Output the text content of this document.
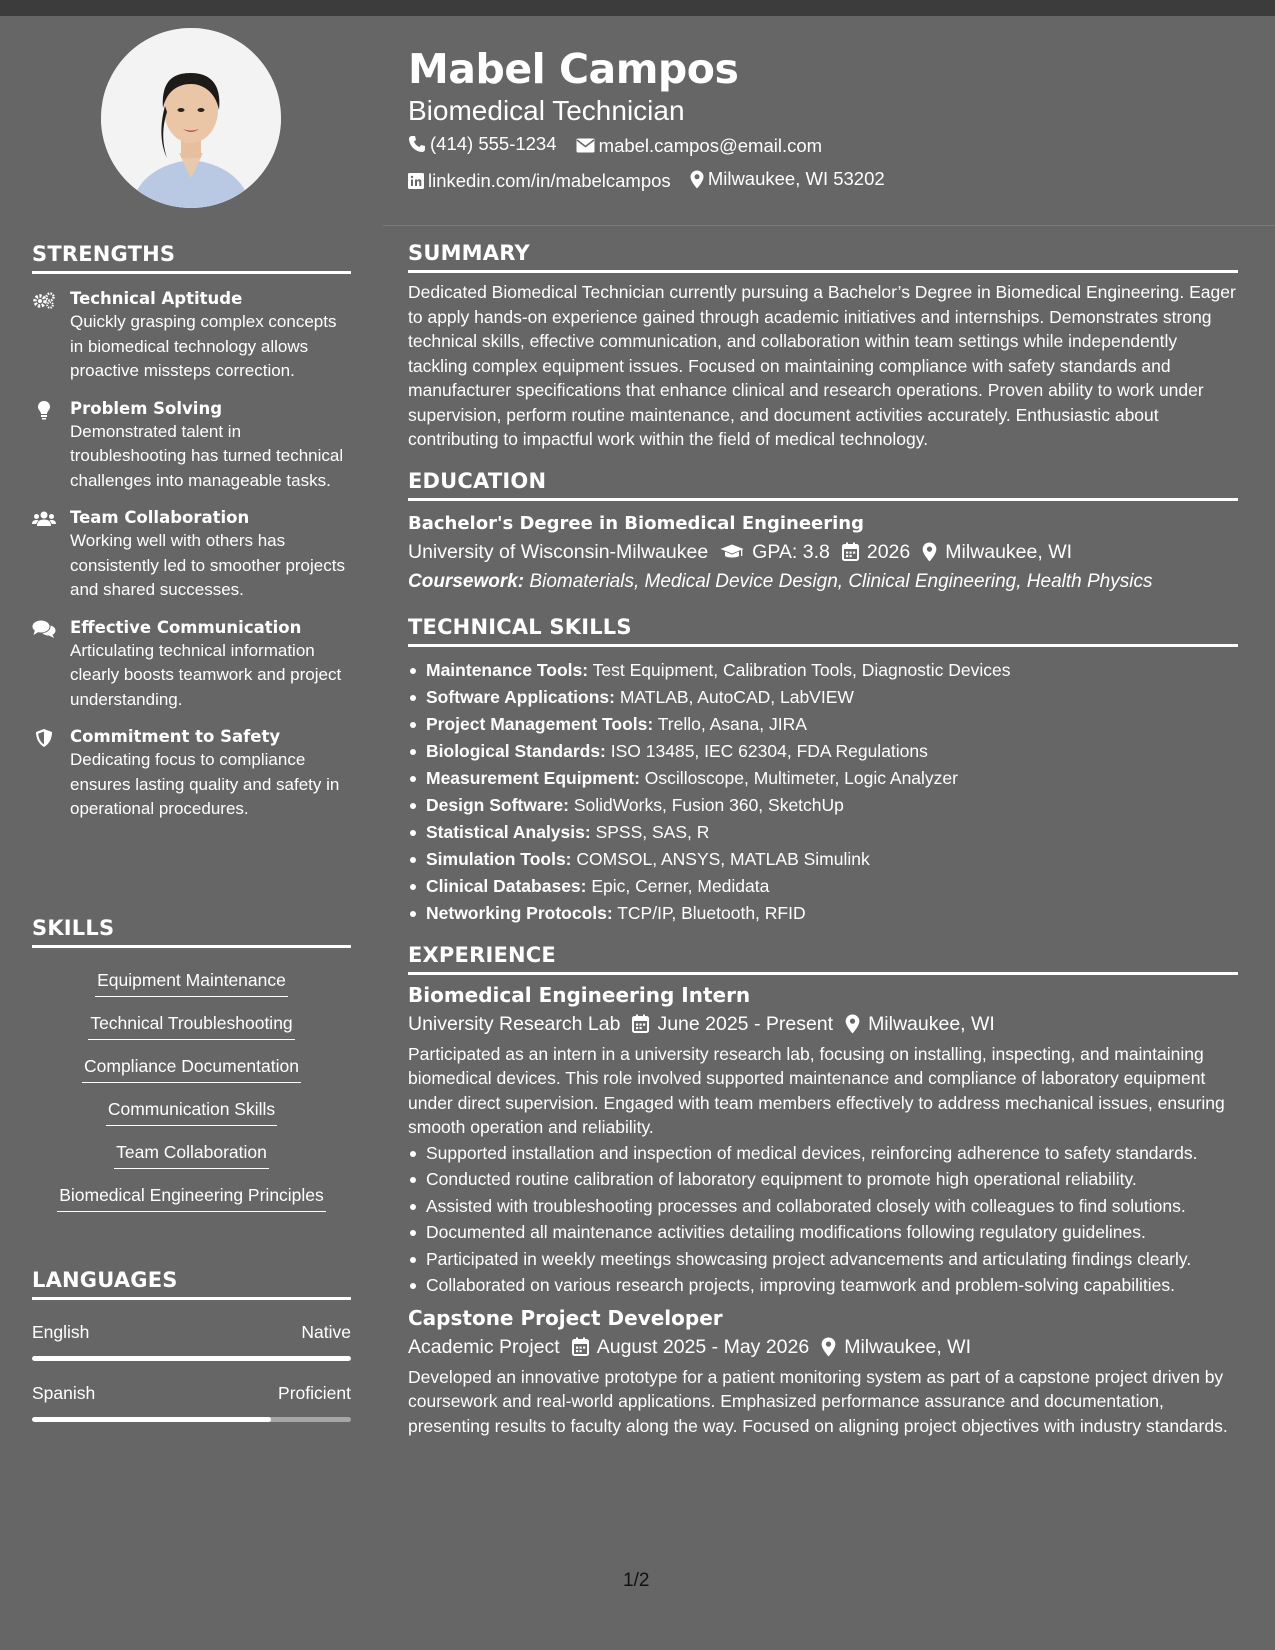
STRENGTHS
Technical Aptitude
Quickly grasping complex concepts in biomedical technology allows proactive missteps correction.
Problem Solving
Demonstrated talent in troubleshooting has turned technical challenges into manageable tasks.
Team Collaboration
Working well with others has consistently led to smoother projects and shared successes.
Effective Communication
Articulating technical information clearly boosts teamwork and project understanding.
Commitment to Safety
Dedicating focus to compliance ensures lasting quality and safety in operational procedures.
SKILLS
Equipment Maintenance
Technical Troubleshooting
Compliance Documentation
Communication Skills
Team Collaboration
Biomedical Engineering Principles
LANGUAGES
English	Native
Spanish	Proficient
Mabel Campos
Biomedical Technician
(414) 555-1234
mabel.campos@email.com
linkedin.com/in/mabelcampos
Milwaukee, WI 53202
SUMMARY
Dedicated Biomedical Technician currently pursuing a Bachelor’s Degree in Biomedical Engineering. Eager to apply hands-on experience gained through academic initiatives and internships. Demonstrates strong technical skills, effective communication, and collaboration within team settings while independently tackling complex equipment issues. Focused on maintaining compliance with safety standards and manufacturer specifications that enhance clinical and research operations. Proven ability to work under supervision, perform routine maintenance, and document activities accurately. Enthusiastic about contributing to impactful work within the field of medical technology.
EDUCATION
Bachelor's Degree in Biomedical Engineering
University of Wisconsin-Milwaukee GPA: 3.8 2026 Milwaukee, WI
Coursework: Biomaterials, Medical Device Design, Clinical Engineering, Health Physics
TECHNICAL SKILLS
Maintenance Tools: Test Equipment, Calibration Tools, Diagnostic Devices
Software Applications: MATLAB, AutoCAD, LabVIEW
Project Management Tools: Trello, Asana, JIRA
Biological Standards: ISO 13485, IEC 62304, FDA Regulations
Measurement Equipment: Oscilloscope, Multimeter, Logic Analyzer
Design Software: SolidWorks, Fusion 360, SketchUp
Statistical Analysis: SPSS, SAS, R
Simulation Tools: COMSOL, ANSYS, MATLAB Simulink
Clinical Databases: Epic, Cerner, Medidata
Networking Protocols: TCP/IP, Bluetooth, RFID
EXPERIENCE
Biomedical Engineering Intern
University Research Lab June 2025 - Present Milwaukee, WI
Participated as an intern in a university research lab, focusing on installing, inspecting, and maintaining biomedical devices. This role involved supported maintenance and compliance of laboratory equipment under direct supervision. Engaged with team members effectively to address mechanical issues, ensuring smooth operation and reliability.
Supported installation and inspection of medical devices, reinforcing adherence to safety standards.
Conducted routine calibration of laboratory equipment to promote high operational reliability.
Assisted with troubleshooting processes and collaborated closely with colleagues to find solutions.
Documented all maintenance activities detailing modifications following regulatory guidelines.
Participated in weekly meetings showcasing project advancements and articulating findings clearly.
Collaborated on various research projects, improving teamwork and problem-solving capabilities.
Capstone Project Developer
Academic Project August 2025 - May 2026 Milwaukee, WI
Developed an innovative prototype for a patient monitoring system as part of a capstone project driven by coursework and real-world applications. Emphasized performance assurance and documentation, presenting results to faculty along the way. Focused on aligning project objectives with industry standards.
1/2
